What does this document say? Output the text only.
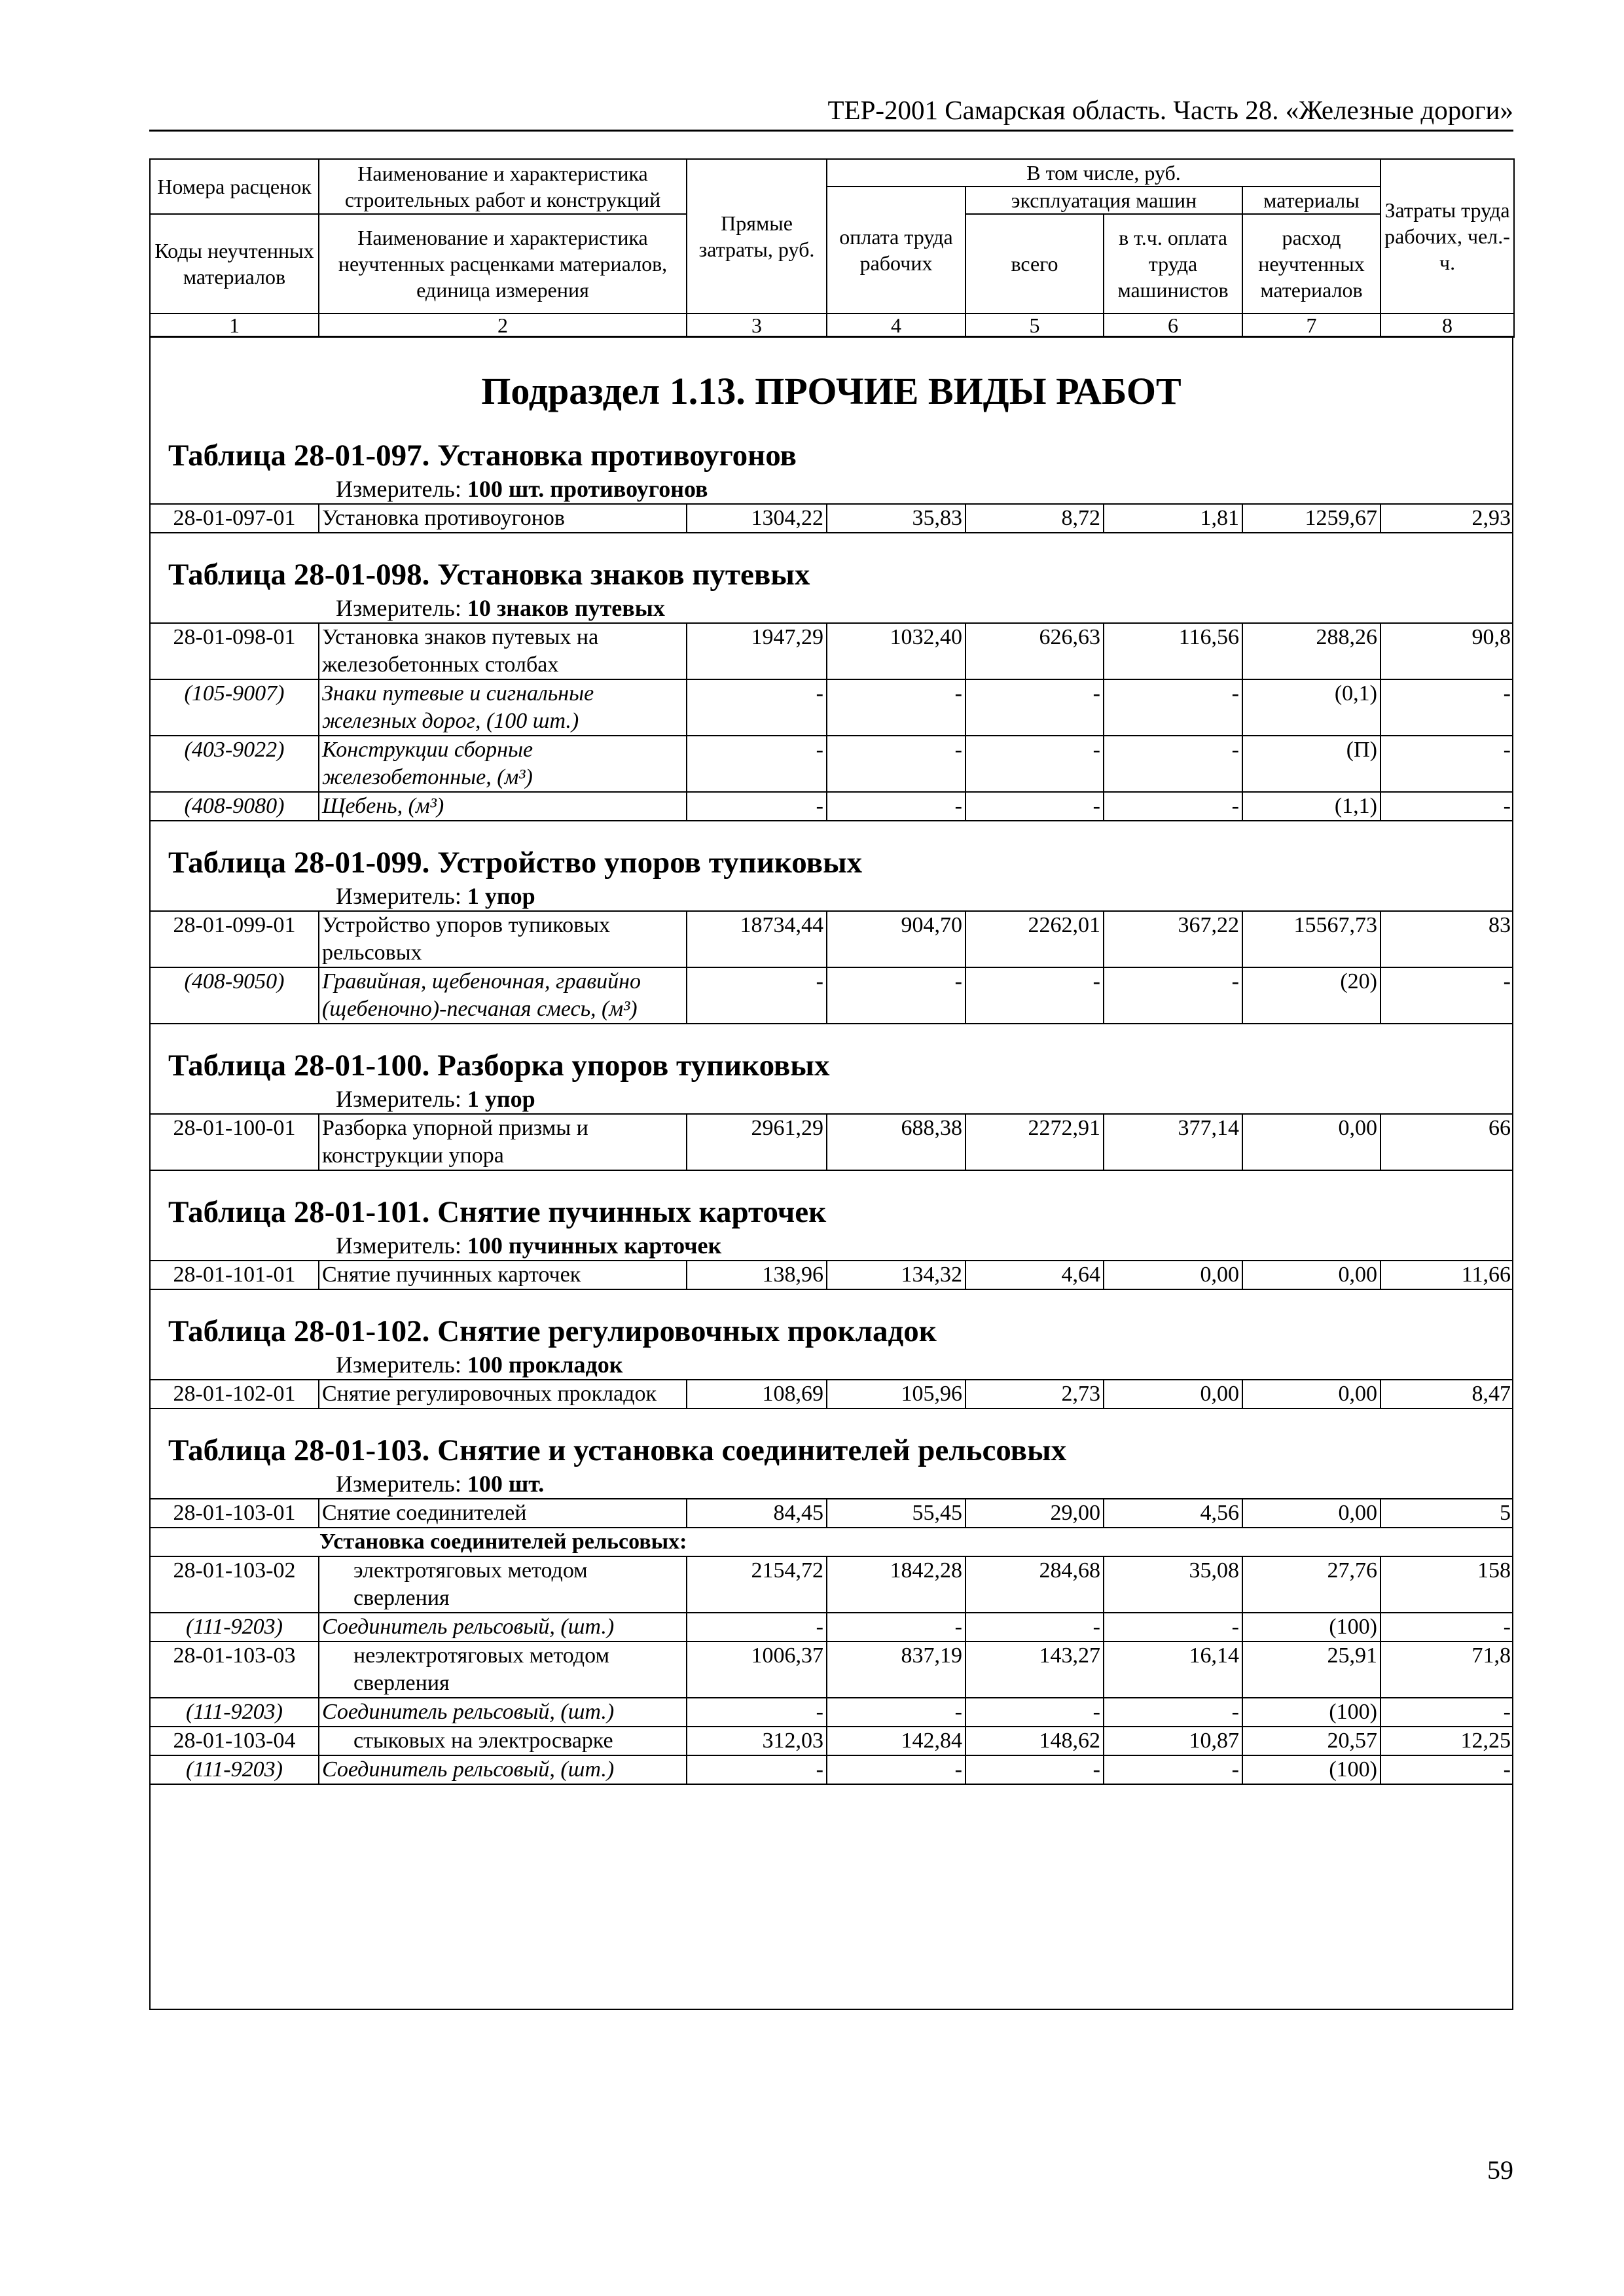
ТЕР-2001 Самарская область. Часть 28. «Железные дороги»
Номера расценок	Наименование и характеристика строительных работ и конструкций	Прямые затраты, руб.	В том числе, руб.				Затраты труда рабочих, чел.-ч.
			оплата труда рабочих	эксплуатация машин		материалы	
Коды неучтенных материалов	Наименование и характеристика неучтенных расценками материалов, единица измерения			всего	в т.ч. оплата труда машинистов	расход неучтенных материалов	
1	2	3	4	5	6	7	8
Подраздел 1.13. ПРОЧИЕ ВИДЫ РАБОТ
Таблица 28-01-097. Установка противоугонов
Измеритель: 100 шт. противоугонов
28-01-097-01	Установка противоугонов	1304,22	35,83	8,72	1,81	1259,67	2,93
Таблица 28-01-098. Установка знаков путевых
Измеритель: 10 знаков путевых
28-01-098-01	Установка знаков путевых на железобетонных столбах	1947,29	1032,40	626,63	116,56	288,26	90,8
(105-9007)	Знаки путевые и сигнальные железных дорог, (100 шт.)	-	-	-	-	(0,1)	-
(403-9022)	Конструкции сборные железобетонные, (м³)	-	-	-	-	(П)	-
(408-9080)	Щебень, (м³)	-	-	-	-	(1,1)	-
Таблица 28-01-099. Устройство упоров тупиковых
Измеритель: 1 упор
28-01-099-01	Устройство упоров тупиковых рельсовых	18734,44	904,70	2262,01	367,22	15567,73	83
(408-9050)	Гравийная, щебеночная, гравийно (щебеночно)-песчаная смесь, (м³)	-	-	-	-	(20)	-
Таблица 28-01-100. Разборка упоров тупиковых
Измеритель: 1 упор
28-01-100-01	Разборка упорной призмы и конструкции упора	2961,29	688,38	2272,91	377,14	0,00	66
Таблица 28-01-101. Снятие пучинных карточек
Измеритель: 100 пучинных карточек
28-01-101-01	Снятие пучинных карточек	138,96	134,32	4,64	0,00	0,00	11,66
Таблица 28-01-102. Снятие регулировочных прокладок
Измеритель: 100 прокладок
28-01-102-01	Снятие регулировочных прокладок	108,69	105,96	2,73	0,00	0,00	8,47
Таблица 28-01-103. Снятие и установка соединителей рельсовых
Измеритель: 100 шт.
28-01-103-01	Снятие соединителей	84,45	55,45	29,00	4,56	0,00	5
Установка соединителей рельсовых:
28-01-103-02	электротяговых методом сверления	2154,72	1842,28	284,68	35,08	27,76	158
(111-9203)	Соединитель рельсовый, (шт.)	-	-	-	-	(100)	-
28-01-103-03	неэлектротяговых методом сверления	1006,37	837,19	143,27	16,14	25,91	71,8
(111-9203)	Соединитель рельсовый, (шт.)	-	-	-	-	(100)	-
28-01-103-04	стыковых на электросварке	312,03	142,84	148,62	10,87	20,57	12,25
(111-9203)	Соединитель рельсовый, (шт.)	-	-	-	-	(100)	-
59
